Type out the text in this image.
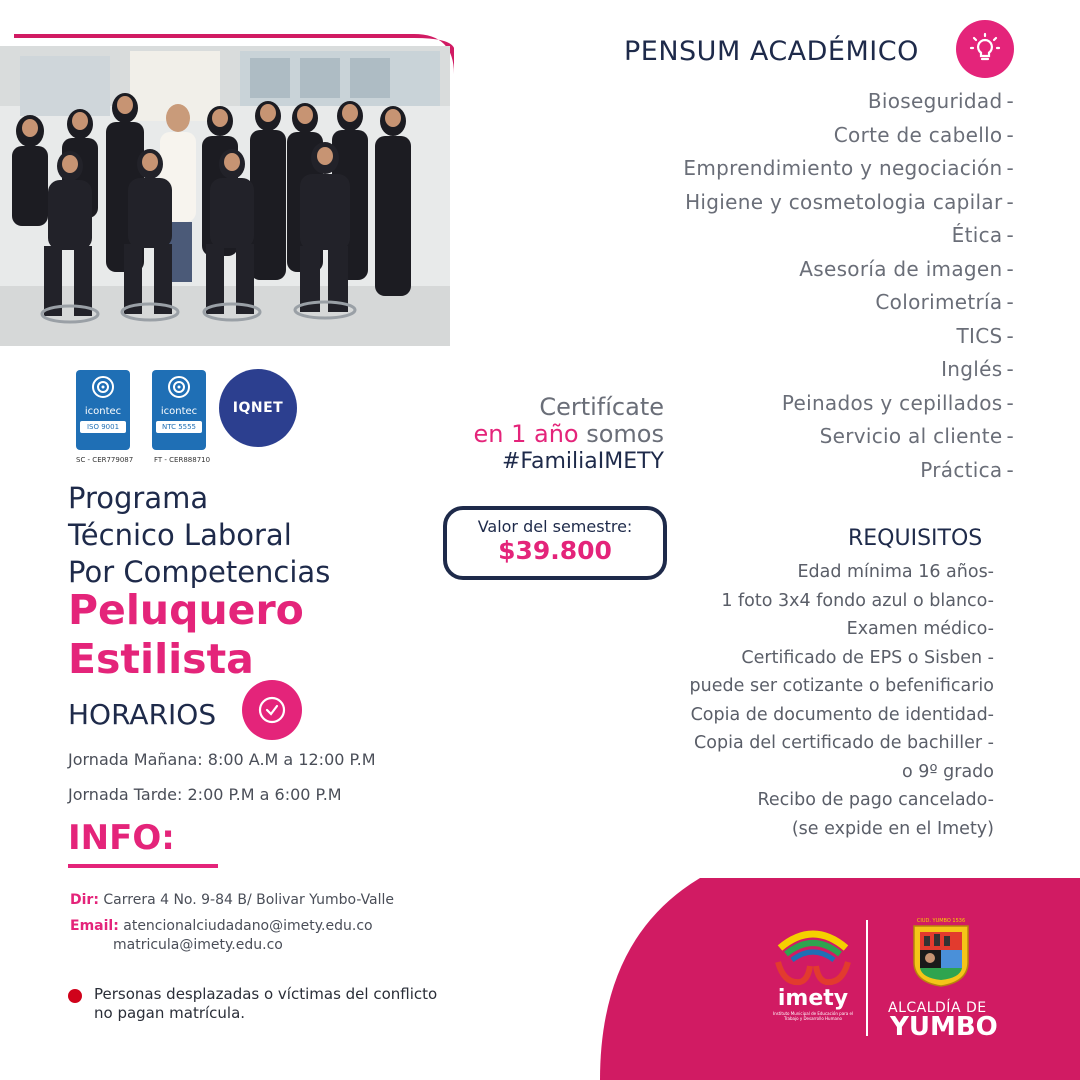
PENSUM ACADÉMICO
Bioseguridad -
Corte de cabello -
Emprendimiento y negociación -
Higiene y cosmetologia capilar -
Ética -
Asesoría de imagen -
Colorimetría -
TICS -
Inglés -
Peinados y cepillados -
Servicio al cliente -
Práctica -
icontec
ISO 9001
SC - CER779087
icontec
NTC 5555
FT - CER888710
IQNET	Certifícate
en 1 año somos
#FamiliaIMETY
Valor del semestre:
$39.800
Programa
Técnico Laboral
Por Competencias
Peluquero
Estilista
HORARIOS
Jornada Mañana: 8:00 A.M a 12:00 P.M
Jornada Tarde: 2:00 P.M a 6:00 P.M
REQUISITOS
Edad mínima 16 años-
1 foto 3x4 fondo azul o blanco-
Examen médico-
Certificado de EPS o Sisben -
puede ser cotizante o befenificario
Copia de documento de identidad-
Copia del certificado de bachiller -
o 9º grado
Recibo de pago cancelado-
(se expide en el Imety)
INFO:
Dir: Carrera 4 No. 9-84 B/ Bolivar Yumbo-Valle
Email: atencionalciudadano@imety.edu.co
matricula@imety.edu.co
Personas desplazadas o víctimas del conflicto
no pagan matrícula.
imety
Instituto Municipal de Educación para el Trabajo y Desarrollo Humano
CIUD. YUMBO 1536
ALCALDÍA DE
YUMBO
